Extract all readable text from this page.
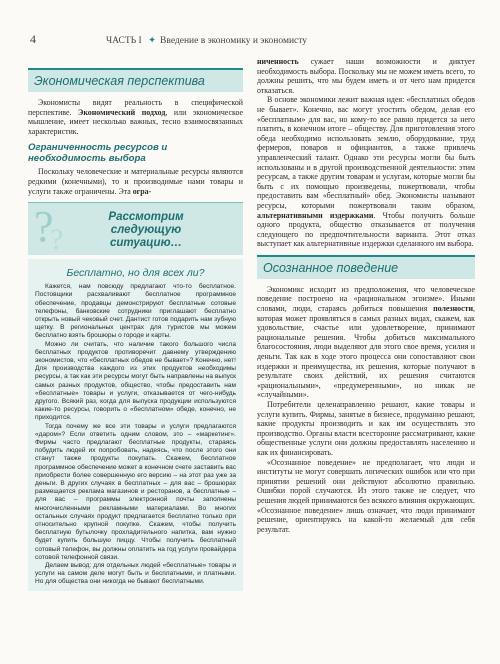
4	ЧАСТЬ I ✦ Введение в экономику и экономисту
Экономическая перспектива

Экономисты видят реальность в специфической перспективе. Экономический подход, или экономическое мышление, имеет несколько важных, тесно взаимосвязанных характеристик.

Ограниченность ресурсов и необходимость выбора

Поскольку человеческие и материальные ресурсы являются редкими (конечными), то и производимые нами товары и услуги также ограничены. Эта огра-

?
?
Рассмотрим следующую ситуацию…
Бесплатно, но для всех ли?

Кажется, нам повсюду предлагают что-то бесплатное. Постовщики расхваливают бесплатное программное обеспечение, продавцы демонстрируют бесплатные сотовые телефоны, банковские сотрудники приглашают бесплатно открыть новый чековый счет. Дантист готов подарить нам зубную щетку. В региональных центрах для туристов мы можем бесплатно взять брошюры о городе и карты.

Можно ли считать, что наличие такого большого числа бесплатных продуктов противоречит давнему утверждению экономистов, что «бесплатных обедов не бывает»? Конечно, нет! Для производства каждого из этих продуктов необходимы ресурсы, а так как эти ресурсы могут быть направлены на выпуск самых разных продуктов, общество, чтобы предоставить нам «бесплатные» товары и услуги, отказывается от чего-нибудь другого. Всякий раз, когда для выпуска продукции используются какие-то ресурсы, говорить о «бесплатном» обеде, конечно, не приходится.

Тогда почему же все эти товары и услуги предлагаются «даром»? Если ответить одним словом, это – «маркетинг». Фирмы часто предлагают бесплатные продукты, стараясь побудить людей их попробовать, надеясь, что после этого они станут также продукты покупать. Скажем, бесплатное программное обеспечение может в конечном счете заставить вас приобрести более совершенную его версию – на этот раз уже за деньги. В других случаях в бесплатных – для вас – брошюрах размещается реклама магазинов и ресторанов, а бесплатные – для вас – программы электронной почты заполнены многочисленными рекламными материалами. Во многих остальных случаях продукт предлагается бесплатно только при относительно крупной покупке. Скажем, чтобы получить бесплатную бутылочку прохладительного напитка, вам нужно будет купить большую пиццу. Чтобы получить бесплатный сотовый телефон, вы должны оплатить на год услуги провайдера сотовой телефонной связи.

Делаем вывод: для отдельных людей «бесплатные» товары и услуги на самом деле могут быть и бесплатными, и платными. Но для общества они никогда не бывают бесплатными.

ниченность сужает наши возможности и диктует необходимость выбора. Поскольку мы не можем иметь всего, то должны решить, что мы будем иметь и от чего нам придется отказаться.

В основе экономики лежит важная идея: «бесплатных обедов не бывает». Конечно, вас могут угостить обедом, делая его «бесплатным» для вас, но кому-то все равно придется за него платить, в конечном итоге – обществу. Для приготовления этого обеда необходимо использовать землю, оборудование, труд фермеров, поваров и официантов, а также привлечь управленческий талант. Однако эти ресурсы могли бы быть использованы и в другой производственной деятельности: этим ресурсам, а также другим товарам и услугам, которые могли бы быть с их помощью произведены, пожертвовали, чтобы предоставить вам «бесплатный» обед. Экономисты называют ресурсы, которыми пожертвовали таким образом, альтернативными издержками. Чтобы получить больше одного продукта, общество отказывается от получения следующего по предпочтительности варианта. Этот отказ выступает как альтернативные издержки сделанного им выбора.

Осознанное поведение

Экономикс исходит из предположения, что человеческое поведение построено на «рациональном эгоизме». Иными словами, люди, стараясь добиться повышения полезности, которая может проявляться в самых разных видах, скажем, как удовольствие, счастье или удовлетворение, принимают рациональные решения. Чтобы добиться максимального благосостояния, люди выделяют для этого свое время, усилия и деньги. Так как в ходе этого процесса они сопоставляют свои издержки и преимущества, их решения, которые получают в результате своих действий, их решения считаются «рациональными», «предумеренными», но никак не «случайными».

Потребители целенаправленно решают, какие товары и услуги купить. Фирмы, занятые в бизнесе, продуманно решают, какие продукты производить и как им осуществлять это производство. Органы власти всесторонне рассматривают, какие общественные услуги они должны предоставлять населению и как их финансировать.

«Осознанное поведение» не предполагает, что люди и институты не могут совершать логических ошибок или что при принятии решений они действуют абсолютно правильно. Ошибки порой случаются. Из этого также не следует, что решения людей принимаются без всякого влияния окружающих. «Осознанное поведение» лишь означает, что люди принимают решение, ориентируясь на какой-то желаемый для себя результат.
